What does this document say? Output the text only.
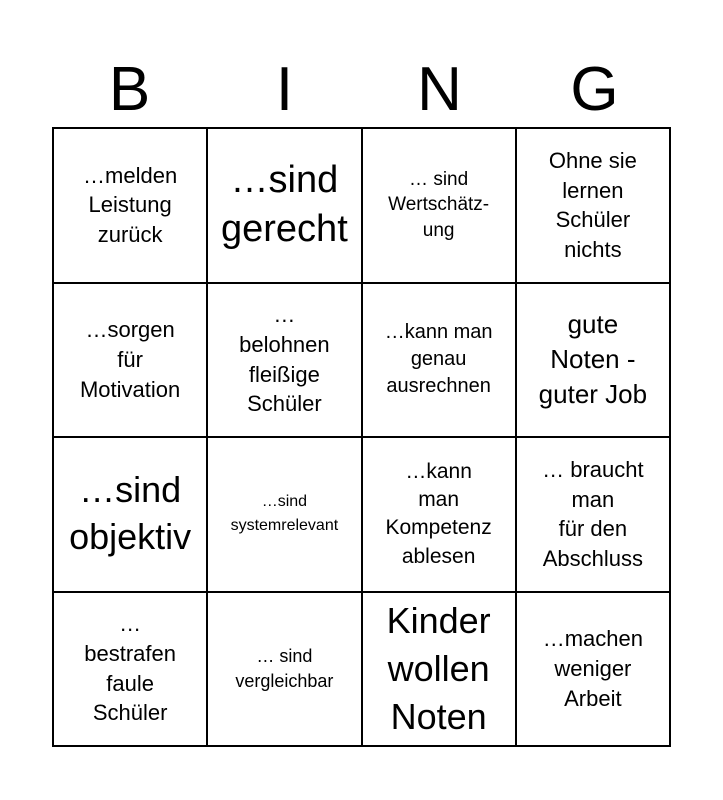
B	I	N	G
…melden
Leistung
zurück
…sind
gerecht
… sind
Wertschätz-
ung
Ohne sie
lernen
Schüler
nichts
…sorgen
für
Motivation
…
belohnen
fleißige
Schüler
…kann man
genau
ausrechnen
gute
Noten -
guter Job
…sind
objektiv
…sind
systemrelevant
…kann
man
Kompetenz
ablesen
… braucht
man
für den
Abschluss
…
bestrafen
faule
Schüler
… sind
vergleichbar
Kinder
wollen
Noten
…machen
weniger
Arbeit
